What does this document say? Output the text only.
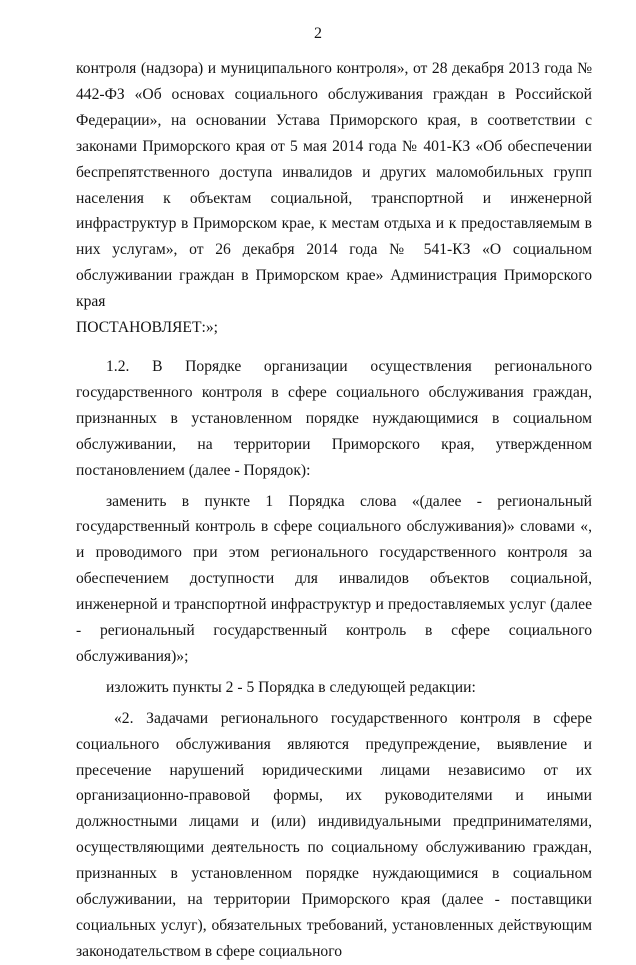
2

контроля (надзора) и муниципального контроля», от 28 декабря 2013 года № 442-ФЗ «Об основах социального обслуживания граждан в Российской Федерации», на основании Устава Приморского края, в соответствии с законами Приморского края от 5 мая 2014 года № 401-КЗ «Об обеспечении беспрепятственного доступа инвалидов и других маломобильных групп населения к объектам социальной, транспортной и инженерной инфраструктур в Приморском крае, к местам отдыха и к предоставляемым в них услугам», от 26 декабря 2014 года № 541-КЗ «О социальном обслуживании граждан в Приморском крае» Администрация Приморского края

ПОСТАНОВЛЯЕТ:»;

1.2. В Порядке организации осуществления регионального государственного контроля в сфере социального обслуживания граждан, признанных в установленном порядке нуждающимися в социальном обслуживании, на территории Приморского края, утвержденном постановлением (далее - Порядок):

заменить в пункте 1 Порядка слова «(далее - региональный государственный контроль в сфере социального обслуживания)» словами «, и проводимого при этом регионального государственного контроля за обеспечением доступности для инвалидов объектов социальной, инженерной и транспортной инфраструктур и предоставляемых услуг (далее - региональный государственный контроль в сфере социального обслуживания)»;

изложить пункты 2 - 5 Порядка в следующей редакции:

«2. Задачами регионального государственного контроля в сфере социального обслуживания являются предупреждение, выявление и пресечение нарушений юридическими лицами независимо от их организационно-правовой формы, их руководителями и иными должностными лицами и (или) индивидуальными предпринимателями, осуществляющими деятельность по социальному обслуживанию граждан, признанных в установленном порядке нуждающимися в социальном обслуживании, на территории Приморского края (далее - поставщики социальных услуг), обязательных требований, установленных действующим законодательством в сфере социального
